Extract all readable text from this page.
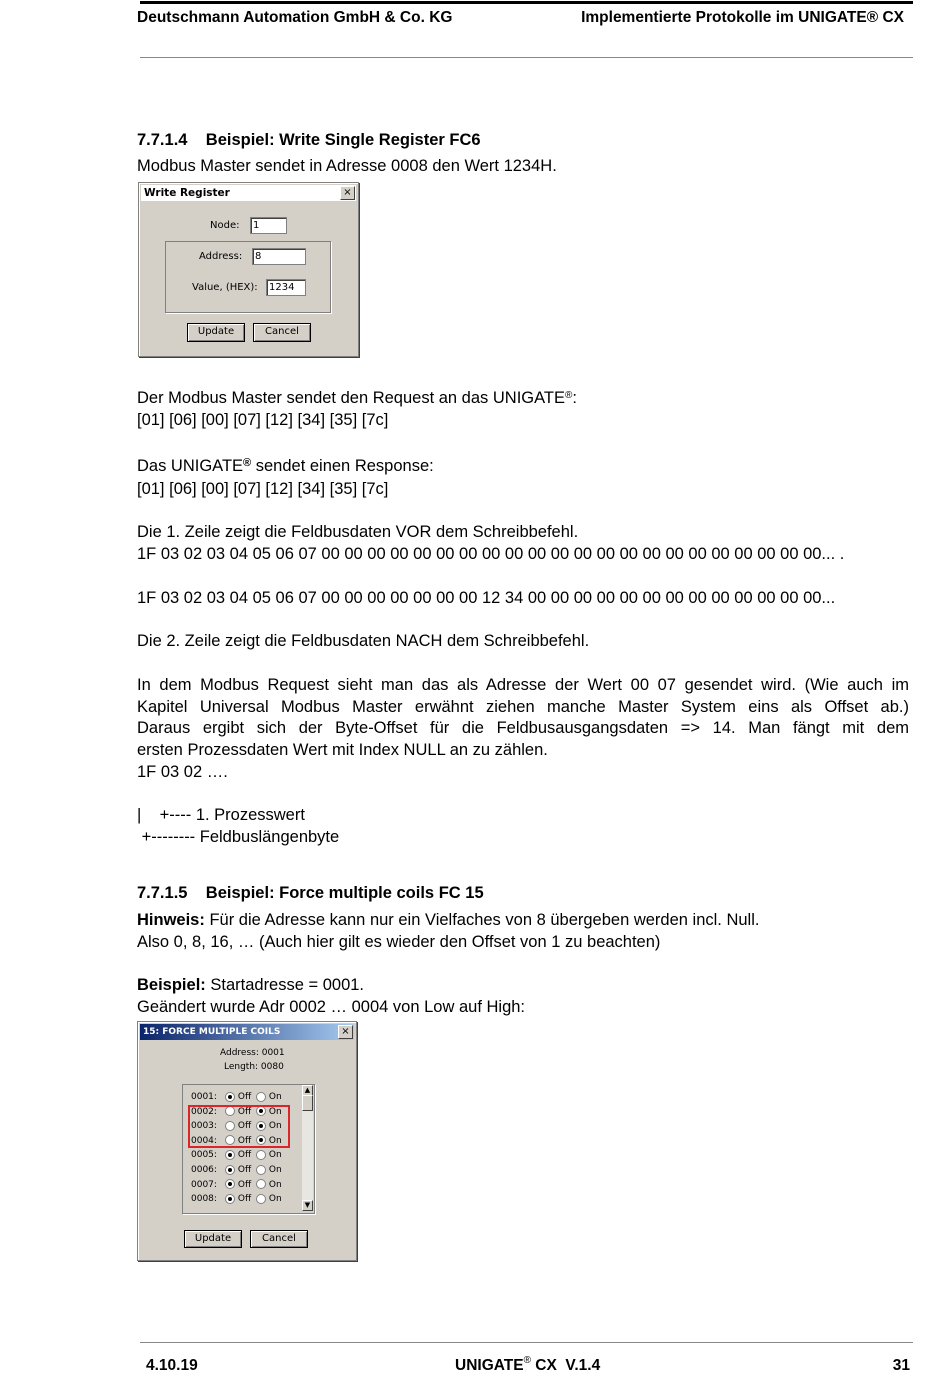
Deutschmann Automation GmbH & Co. KG	Implementierte Protokolle im UNIGATE® CX
7.7.1.4    Beispiel: Write Single Register FC6
Modbus Master sendet in Adresse 0008 den Wert 1234H.
Write Register	×
Node:	1
Address:	8
Value, (HEX):	1234
Update	Cancel
Der Modbus Master sendet den Request an das UNIGATE®:
[01] [06] [00] [07] [12] [34] [35] [7c]
Das UNIGATE® sendet einen Response:
[01] [06] [00] [07] [12] [34] [35] [7c]
Die 1. Zeile zeigt die Feldbusdaten VOR dem Schreibbefehl.
1F 03 02 03 04 05 06 07 00 00 00 00 00 00 00 00 00 00 00 00 00 00 00 00 00 00 00 00 00 00... .
1F 03 02 03 04 05 06 07 00 00 00 00 00 00 00 12 34 00 00 00 00 00 00 00 00 00 00 00 00 00...
Die 2. Zeile zeigt die Feldbusdaten NACH dem Schreibbefehl.
In dem Modbus Request sieht man das als Adresse der Wert 00 07 gesendet wird. (Wie auch im
Kapitel Universal Modbus Master erwähnt ziehen manche Master System eins als Offset ab.)
Daraus ergibt sich der Byte-Offset für die Feldbusausgangsdaten => 14. Man fängt mit dem
ersten Prozessdaten Wert mit Index NULL an zu zählen.
1F 03 02 ….
|    +---- 1. Prozesswert
+-------- Feldbuslängenbyte
7.7.1.5    Beispiel: Force multiple coils FC 15
Hinweis: Für die Adresse kann nur ein Vielfaches von 8 übergeben werden incl. Null.
Also 0, 8, 16, … (Auch hier gilt es wieder den Offset von 1 zu beachten)
Beispiel: Startadresse = 0001.
Geändert wurde Adr 0002 … 0004 von Low auf High:
15: FORCE MULTIPLE COILS	×
Address: 0001
Length: 0080
0001: Off On
0002: Off On
0003: Off On
0004: Off On
0005: Off On
0006: Off On
0007: Off On
0008: Off On
▲
▼
Update	Cancel
4.10.19	UNIGATE® CX  V.1.4	31
